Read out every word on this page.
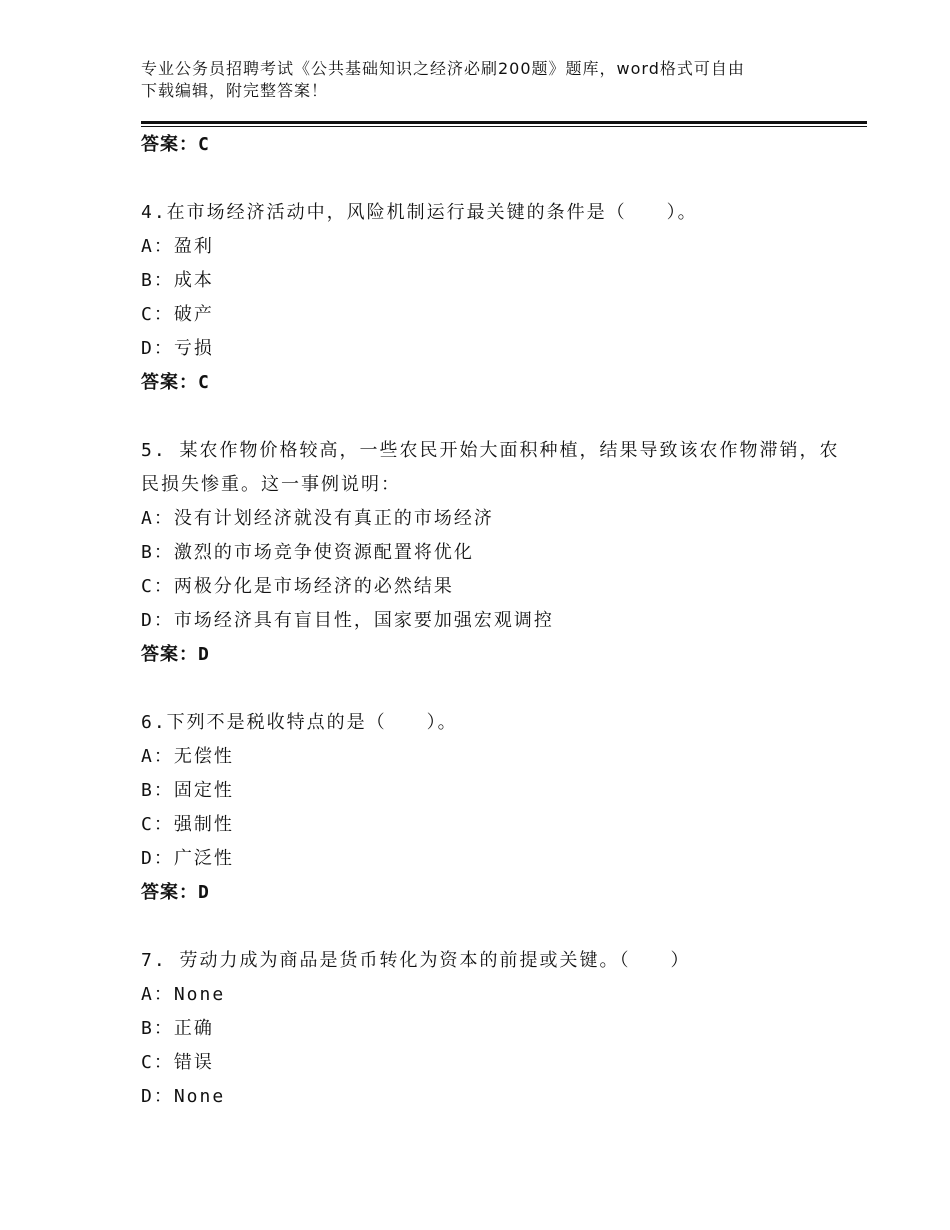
专业公务员招聘考试《公共基础知识之经济必刷200题》题库，word格式可自由
下载编辑，附完整答案！
答案：C
4.在市场经济活动中，风险机制运行最关键的条件是（　　）。
A：盈利
B：成本
C：破产
D：亏损
答案：C
5. 某农作物价格较高，一些农民开始大面积种植，结果导致该农作物滞销，农民损失惨重。这一事例说明：
A：没有计划经济就没有真正的市场经济
B：激烈的市场竞争使资源配置将优化
C：两极分化是市场经济的必然结果
D：市场经济具有盲目性，国家要加强宏观调控
答案：D
6.下列不是税收特点的是（　　）。
A：无偿性
B：固定性
C：强制性
D：广泛性
答案：D
7. 劳动力成为商品是货币转化为资本的前提或关键。（　　）
A：None
B：正确
C：错误
D：None
